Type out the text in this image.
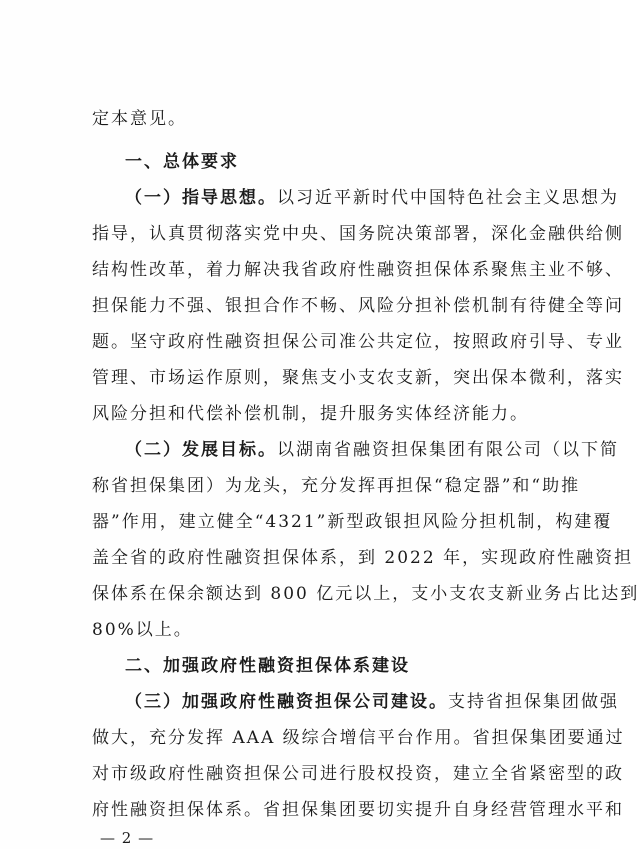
定本意见。
一、总体要求
（一）指导思想。以习近平新时代中国特色社会主义思想为
指导，认真贯彻落实党中央、国务院决策部署，深化金融供给侧
结构性改革，着力解决我省政府性融资担保体系聚焦主业不够、
担保能力不强、银担合作不畅、风险分担补偿机制有待健全等问
题。坚守政府性融资担保公司准公共定位，按照政府引导、专业
管理、市场运作原则，聚焦支小支农支新，突出保本微利，落实
风险分担和代偿补偿机制，提升服务实体经济能力。
（二）发展目标。以湖南省融资担保集团有限公司（以下简
称省担保集团）为龙头，充分发挥再担保“稳定器”和“助推
器”作用，建立健全“4321”新型政银担风险分担机制，构建覆
盖全省的政府性融资担保体系，到 2022 年，实现政府性融资担
保体系在保余额达到 800 亿元以上，支小支农支新业务占比达到
80%以上。
二、加强政府性融资担保体系建设
（三）加强政府性融资担保公司建设。支持省担保集团做强
做大，充分发挥 AAA 级综合增信平台作用。省担保集团要通过
对市级政府性融资担保公司进行股权投资，建立全省紧密型的政
府性融资担保体系。省担保集团要切实提升自身经营管理水平和
— 2 —
